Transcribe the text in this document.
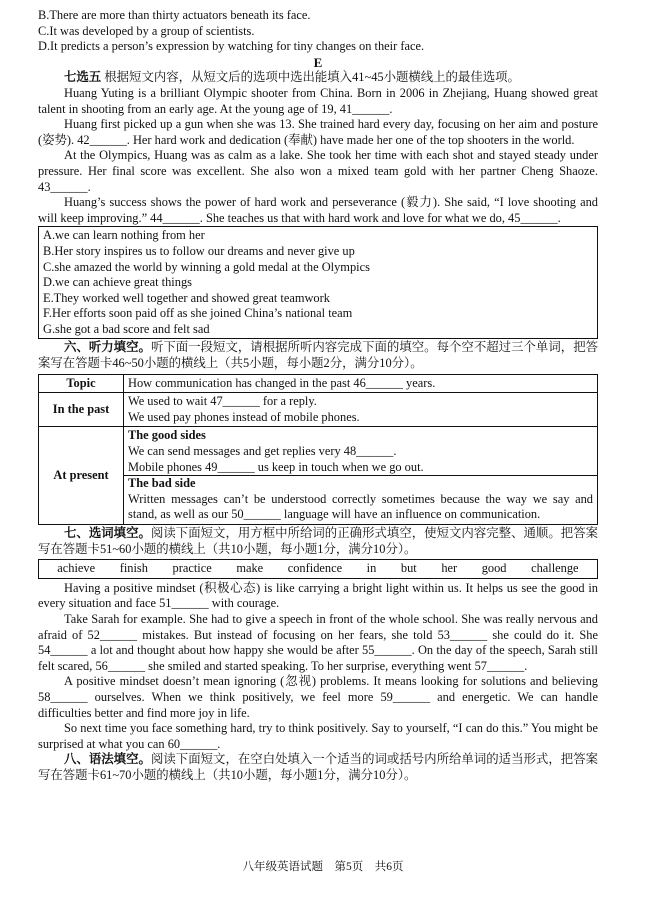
B.There are more than thirty actuators beneath its face.

C.It was developed by a group of scientists.

D.It predicts a person’s expression by watching for tiny changes on their face.

E

七选五 根据短文内容，从短文后的选项中选出能填入41~45小题横线上的最佳选项。

Huang Yuting is a brilliant Olympic shooter from China. Born in 2006 in Zhejiang, Huang showed great talent in shooting from an early age. At the young age of 19, 41______.

Huang first picked up a gun when she was 13. She trained hard every day, focusing on her aim and posture (姿势). 42______. Her hard work and dedication (奉献) have made her one of the top shooters in the world.

At the Olympics, Huang was as calm as a lake. She took her time with each shot and stayed steady under pressure. Her final score was excellent. She also won a mixed team gold with her partner Cheng Shaoze. 43______.

Huang’s success shows the power of hard work and perseverance (毅力). She said, “I love shooting and will keep improving.” 44______. She teaches us that with hard work and love for what we do, 45______.

A.we can learn nothing from her

B.Her story inspires us to follow our dreams and never give up

C.she amazed the world by winning a gold medal at the Olympics

D.we can achieve great things

E.They worked well together and showed great teamwork

F.Her efforts soon paid off as she joined China’s national team

G.she got a bad score and felt sad

六、听力填空。听下面一段短文，请根据所听内容完成下面的填空。每个空不超过三个单词，把答案写在答题卡46~50小题的横线上（共5小题，每小题2分，满分10分）。

Topic	How communication has changed in the past 46______ years.

In the past	We used to wait 47______ for a reply.

We used pay phones instead of mobile phones.

At present	The good sides

We can send messages and get replies very 48______.

Mobile phones 49______ us keep in touch when we go out.

The bad side

Written messages can’t be understood correctly sometimes because the way we say and stand, as well as our 50______ language will have an influence on communication.

七、选词填空。阅读下面短文，用方框中所给词的正确形式填空，使短文内容完整、通顺。把答案写在答题卡51~60小题的横线上（共10小题，每小题1分，满分10分）。

achieve finish practice make confidence in but her good challenge

Having a positive mindset (积极心态) is like carrying a bright light within us. It helps us see the good in every situation and face 51______ with courage.

Take Sarah for example. She had to give a speech in front of the whole school. She was really nervous and afraid of 52______ mistakes. But instead of focusing on her fears, she told 53______ she could do it. She 54______ a lot and thought about how happy she would be after 55______. On the day of the speech, Sarah still felt scared, 56______ she smiled and started speaking. To her surprise, everything went 57______.

A positive mindset doesn’t mean ignoring (忽视) problems. It means looking for solutions and believing 58______ ourselves. When we think positively, we feel more 59______ and energetic. We can handle difficulties better and find more joy in life.

So next time you face something hard, try to think positively. Say to yourself, “I can do this.” You might be surprised at what you can 60______.

八、语法填空。阅读下面短文，在空白处填入一个适当的词或括号内所给单词的适当形式，把答案写在答题卡61~70小题的横线上（共10小题，每小题1分，满分10分）。

八年级英语试题　第5页　共6页
